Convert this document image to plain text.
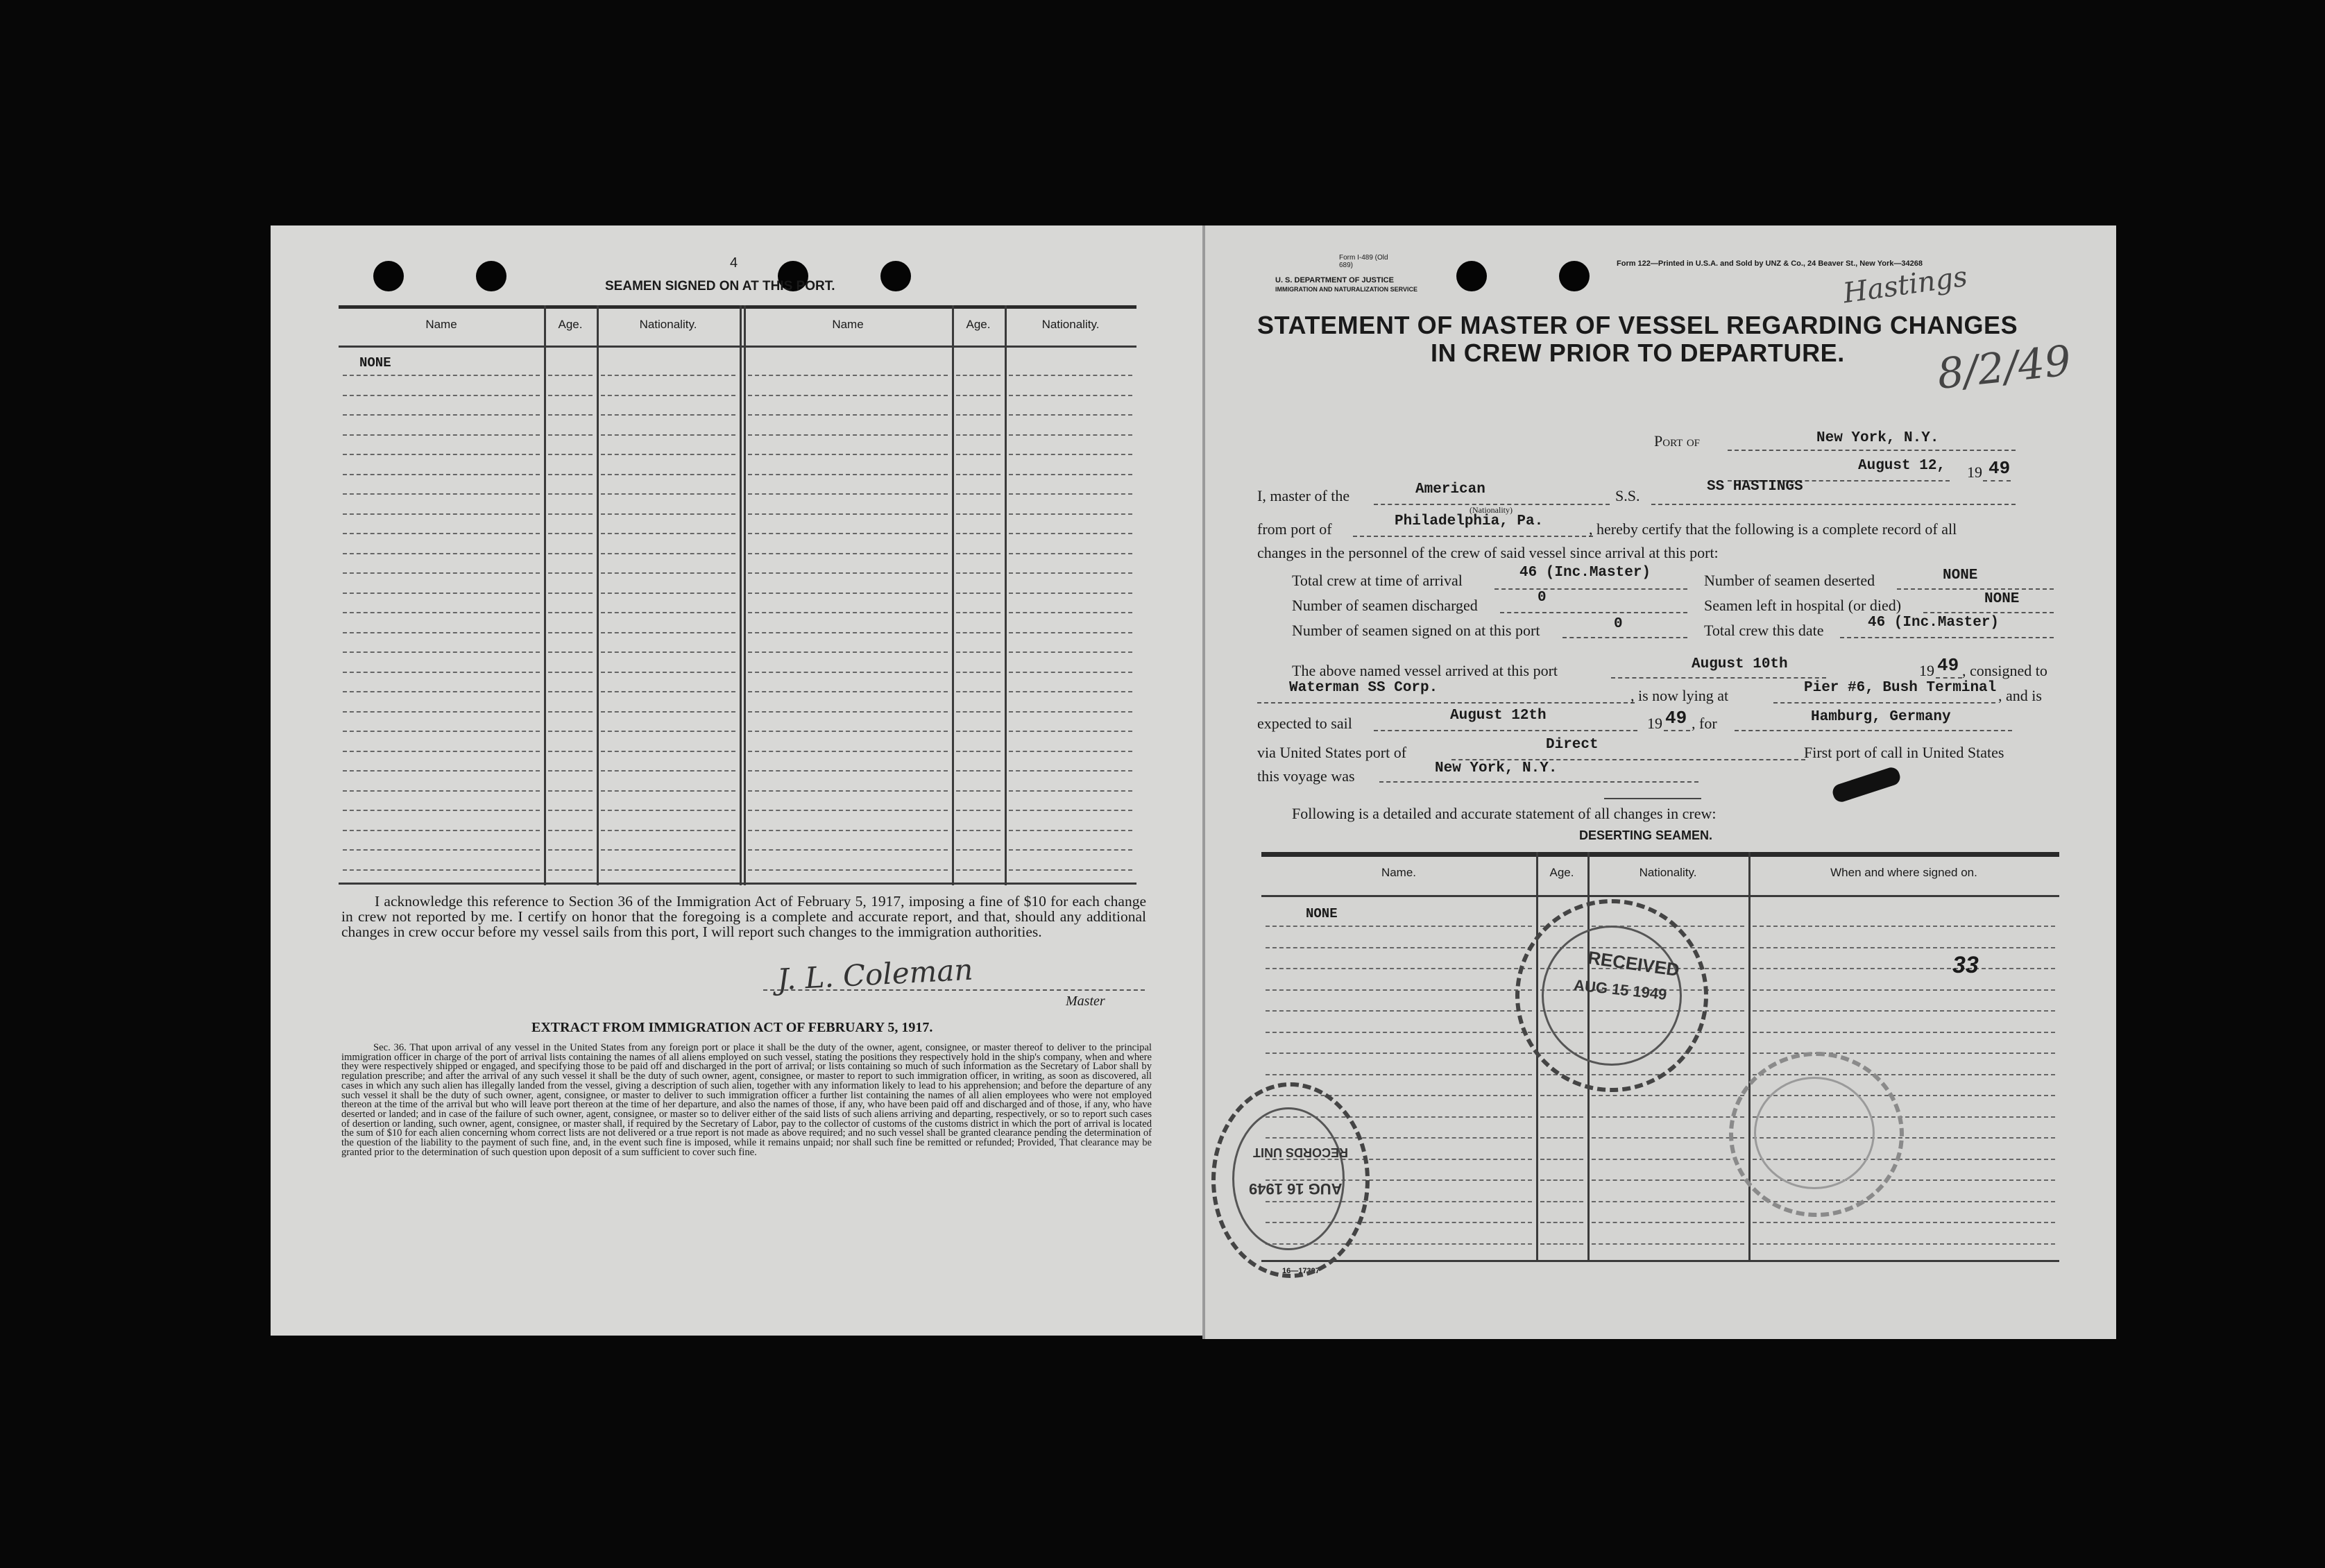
4
SEAMEN SIGNED ON AT THIS PORT.
Name	Age.	Nationality.	Name	Age.	Nationality.
NONE
I acknowledge this reference to Section 36 of the Immigration Act of February 5, 1917, imposing a fine of $10 for each change in crew not reported by me. I certify on honor that the foregoing is a complete and accurate report, and that, should any additional changes in crew occur before my vessel sails from this port, I will report such changes to the immigration authorities.
J. L. Coleman
Master
EXTRACT FROM IMMIGRATION ACT OF FEBRUARY 5, 1917.
Sec. 36. That upon arrival of any vessel in the United States from any foreign port or place it shall be the duty of the owner, agent, consignee, or master thereof to deliver to the principal immigration officer in charge of the port of arrival lists containing the names of all aliens employed on such vessel, stating the positions they respectively hold in the ship's company, when and where they were respectively shipped or engaged, and specifying those to be paid off and discharged in the port of arrival; or lists containing so much of such information as the Secretary of Labor shall by regulation prescribe; and after the arrival of any such vessel it shall be the duty of such owner, agent, consignee, or master to report to such immigration officer, in writing, as soon as discovered, all cases in which any such alien has illegally landed from the vessel, giving a description of such alien, together with any information likely to lead to his apprehension; and before the departure of any such vessel it shall be the duty of such owner, agent, consignee, or master to deliver to such immigration officer a further list containing the names of all alien employees who were not employed thereon at the time of the arrival but who will leave port thereon at the time of her departure, and also the names of those, if any, who have been paid off and discharged and of those, if any, who have deserted or landed; and in case of the failure of such owner, agent, consignee, or master so to deliver either of the said lists of such aliens arriving and departing, respectively, or so to report such cases of desertion or landing, such owner, agent, consignee, or master shall, if required by the Secretary of Labor, pay to the collector of customs of the customs district in which the port of arrival is located the sum of $10 for each alien concerning whom correct lists are not delivered or a true report is not made as above required; and no such vessel shall be granted clearance pending the determination of the question of the liability to the payment of such fine, and, in the event such fine is imposed, while it remains unpaid; nor shall such fine be remitted or refunded; Provided, That clearance may be granted prior to the determination of such question upon deposit of a sum sufficient to cover such fine.
Form I-489 (Old 689)
U. S. DEPARTMENT OF JUSTICE
IMMIGRATION AND NATURALIZATION SERVICE
Form 122—Printed in U.S.A. and Sold by UNZ & Co., 24 Beaver St., New York—34268
Hastings
8/2/49
STATEMENT OF MASTER OF VESSEL REGARDING CHANGES
IN CREW PRIOR TO DEPARTURE.
Port of	New York, N.Y.
August 12, 19 49
I, master of the	American
(Nationality)
S.S.
SS HASTINGS
from port of	Philadelphia, Pa.	, hereby certify that the following is a complete record of all
changes in the personnel of the crew of said vessel since arrival at this port:
Total crew at time of arrival	46 (Inc.Master)	Number of seamen deserted	NONE
Number of seamen discharged	0	Seamen left in hospital (or died)	NONE
Number of seamen signed on at this port	0	Total crew this date	46 (Inc.Master)
The above named vessel arrived at this port	August 10th	19 49 , consigned to
Waterman SS Corp.	, is now lying at	Pier #6, Bush Terminal , and is
expected to sail	August 12th	19 49 , for	Hamburg, Germany
via United States port of	Direct	First port of call in United States
this voyage was	New York, N.Y.
Following is a detailed and accurate statement of all changes in crew:
DESERTING SEAMEN.
Name.	Age.	Nationality.	When and where signed on.
NONE
33
16—17397
RECEIVED
AUG 15 1949
RECORDS UNIT
AUG 16 1949
